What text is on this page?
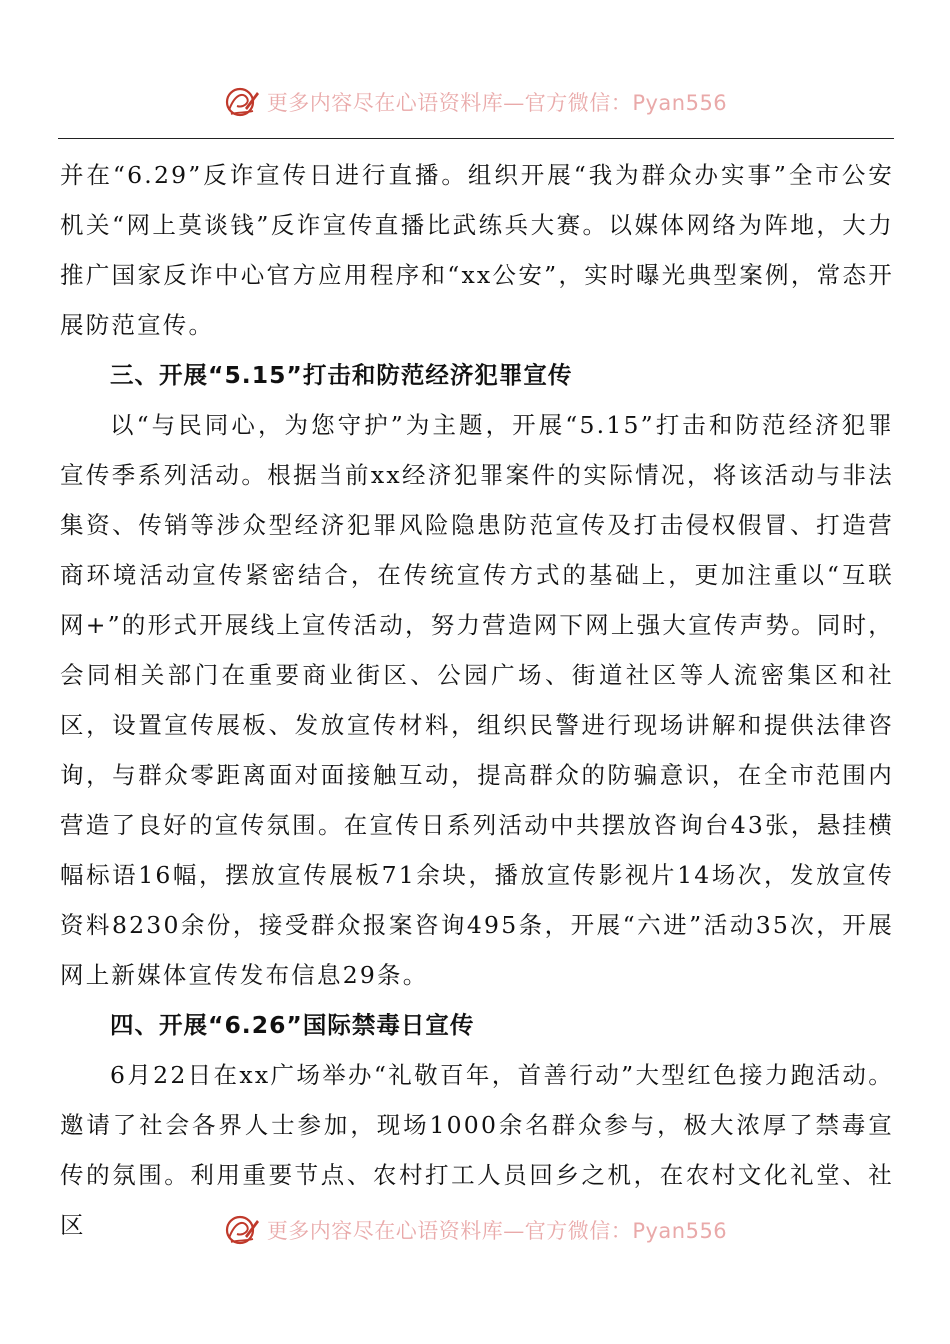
更多内容尽在心语资料库—官方微信：Pyan556

并在“6.29”反诈宣传日进行直播。组织开展“我为群众办实事”全市公安机关“网上莫谈钱”反诈宣传直播比武练兵大赛。以媒体网络为阵地，大力推广国家反诈中心官方应用程序和“xx公安”，实时曝光典型案例，常态开展防范宣传。

三、开展“5.15”打击和防范经济犯罪宣传

以“与民同心，为您守护”为主题，开展“5.15”打击和防范经济犯罪宣传季系列活动。根据当前xx经济犯罪案件的实际情况，将该活动与非法集资、传销等涉众型经济犯罪风险隐患防范宣传及打击侵权假冒、打造营商环境活动宣传紧密结合，在传统宣传方式的基础上，更加注重以“互联网+”的形式开展线上宣传活动，努力营造网下网上强大宣传声势。同时，会同相关部门在重要商业街区、公园广场、街道社区等人流密集区和社区，设置宣传展板、发放宣传材料，组织民警进行现场讲解和提供法律咨询，与群众零距离面对面接触互动，提高群众的防骗意识，在全市范围内营造了良好的宣传氛围。在宣传日系列活动中共摆放咨询台43张，悬挂横幅标语16幅，摆放宣传展板71余块，播放宣传影视片14场次，发放宣传资料8230余份，接受群众报案咨询495条，开展“六进”活动35次，开展网上新媒体宣传发布信息29条。

四、开展“6.26”国际禁毒日宣传

6月22日在xx广场举办“礼敬百年，首善行动”大型红色接力跑活动。邀请了社会各界人士参加，现场1000余名群众参与，极大浓厚了禁毒宣传的氛围。利用重要节点、农村打工人员回乡之机，在农村文化礼堂、社区	更多内容尽在心语资料库—官方微信：Pyan556
